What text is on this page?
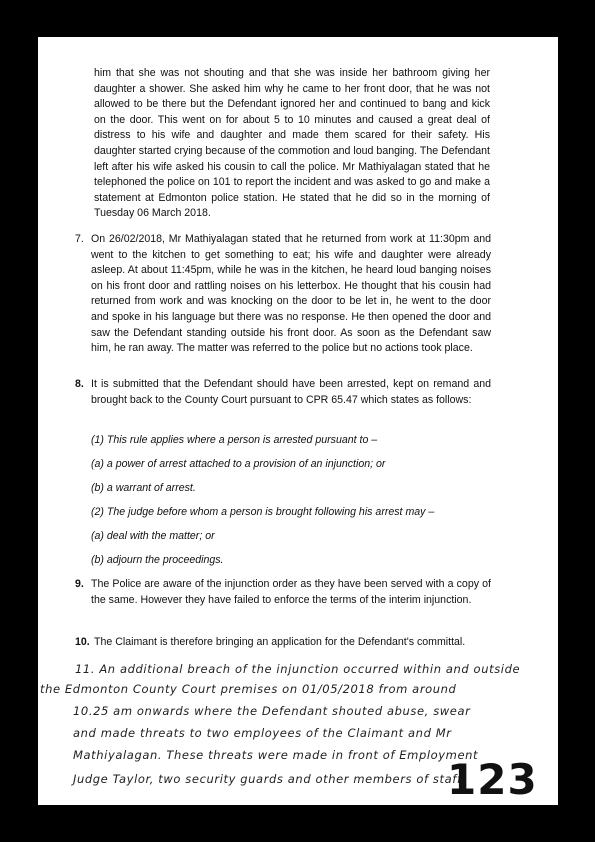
him that she was not shouting and that she was inside her bathroom giving her daughter a shower. She asked him why he came to her front door, that he was not allowed to be there but the Defendant ignored her and continued to bang and kick on the door. This went on for about 5 to 10 minutes and caused a great deal of distress to his wife and daughter and made them scared for their safety. His daughter started crying because of the commotion and loud banging. The Defendant left after his wife asked his cousin to call the police. Mr Mathiyalagan stated that he telephoned the police on 101 to report the incident and was asked to go and make a statement at Edmonton police station. He stated that he did so in the morning of Tuesday 06 March 2018.
7. On 26/02/2018, Mr Mathiyalagan stated that he returned from work at 11:30pm and went to the kitchen to get something to eat; his wife and daughter were already asleep. At about 11:45pm, while he was in the kitchen, he heard loud banging noises on his front door and rattling noises on his letterbox. He thought that his cousin had returned from work and was knocking on the door to be let in, he went to the door and spoke in his language but there was no response. He then opened the door and saw the Defendant standing outside his front door. As soon as the Defendant saw him, he ran away. The matter was referred to the police but no actions took place.
8. It is submitted that the Defendant should have been arrested, kept on remand and brought back to the County Court pursuant to CPR 65.47 which states as follows:
(1) This rule applies where a person is arrested pursuant to –
(a) a power of arrest attached to a provision of an injunction; or
(b) a warrant of arrest.
(2) The judge before whom a person is brought following his arrest may –
(a) deal with the matter; or
(b) adjourn the proceedings.
9. The Police are aware of the injunction order as they have been served with a copy of the same. However they have failed to enforce the terms of the interim injunction.
10. The Claimant is therefore bringing an application for the Defendant's committal.
11. An additional breach of the injunction occurred within and outside
the Edmonton County Court premises on 01/05/2018 from around
10.25 am onwards where the Defendant shouted abuse, swear
and made threats to two employees of the Claimant and Mr
Mathiyalagan. These threats were made in front of Employment
Judge Taylor, two security guards and other members of staff
123
